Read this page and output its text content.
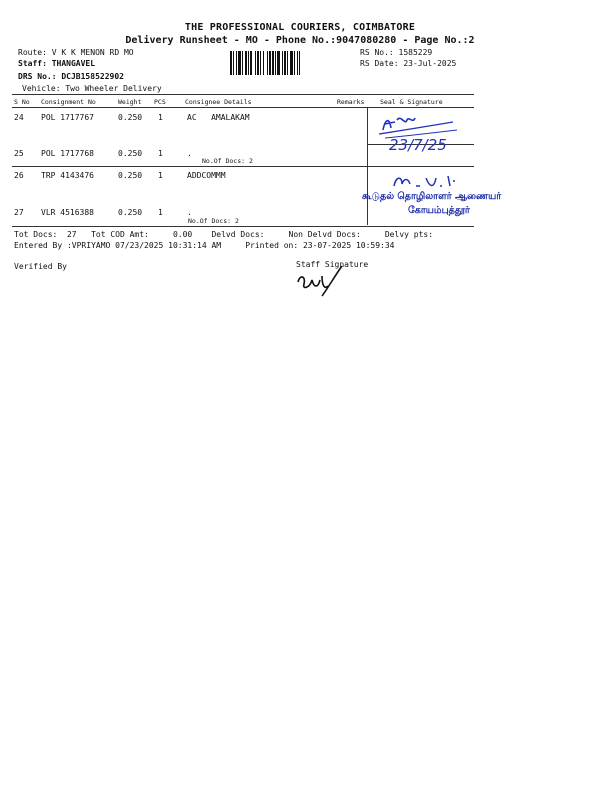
THE PROFESSIONAL COURIERS, COIMBATORE
Delivery Runsheet - MO - Phone No.:9047080280 - Page No.:2
Route: V K K MENON RD MO
Staff: THANGAVEL
DRS No.: DCJB158522902
Vehicle: Two Wheeler Delivery
RS No.: 1585229
RS Date: 23-Jul-2025
S No Consignment No	Weight PCS	Consignee Details	Remarks Seal & Signature
24 POL 1717767	0.250 1	AC   AMALAKAM
25 POL 1717768	0.250 1	.
No.Of Docs: 2
26 TRP 4143476	0.250 1	ADDCOMMM
27 VLR 4516388	0.250 1	.
No.Of Docs: 2
23/7/25
கூடுதல் தொழிலாளர் ஆணையர்
கோயம்புத்தூர்
Tot Docs:  27   Tot COD Amt:     0.00    Delvd Docs:     Non Delvd Docs:     Delvy pts:
Entered By :VPRIYAMO 07/23/2025 10:31:14 AM     Printed on: 23-07-2025 10:59:34
Verified By	Staff Signature
